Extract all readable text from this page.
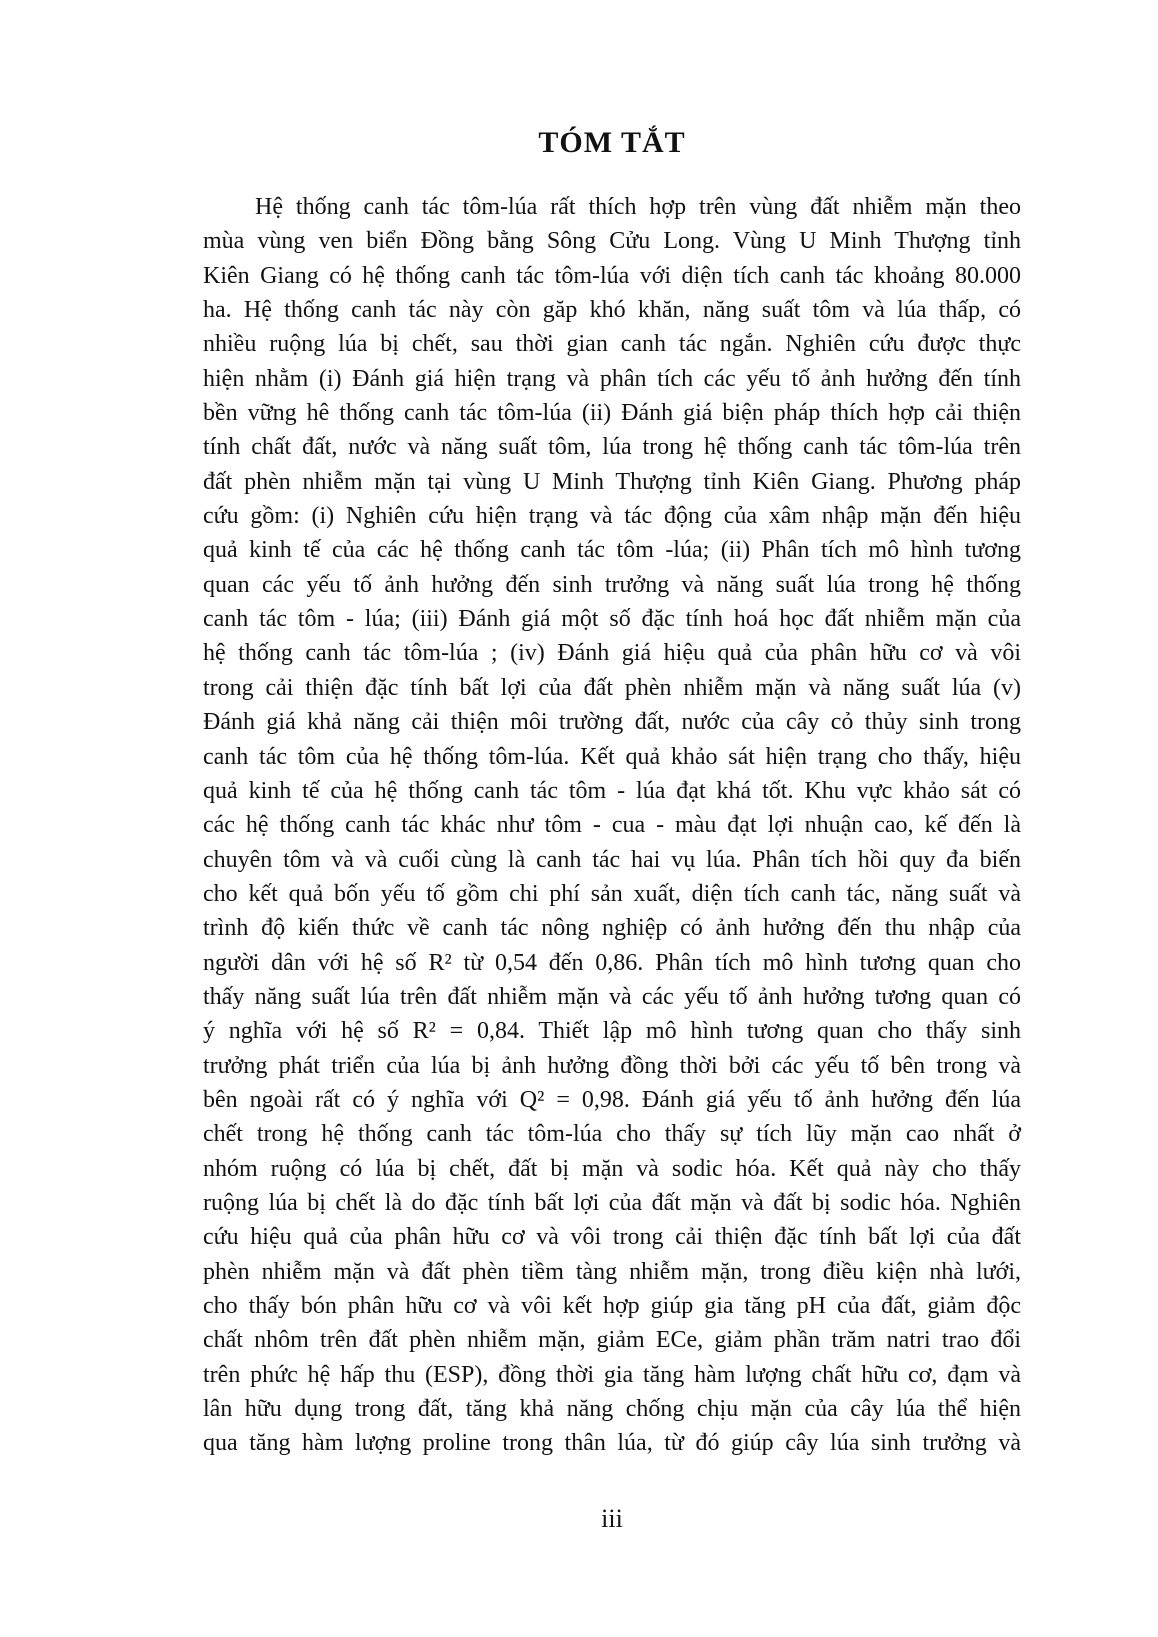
TÓM TẮT
Hệ thống canh tác tôm-lúa rất thích hợp trên vùng đất nhiễm mặn theo
mùa vùng ven biển Đồng bằng Sông Cửu Long. Vùng U Minh Thượng tỉnh
Kiên Giang có hệ thống canh tác tôm-lúa với diện tích canh tác khoảng 80.000
ha. Hệ thống canh tác này còn găp khó khăn, năng suất tôm và lúa thấp, có
nhiều ruộng lúa bị chết, sau thời gian canh tác ngắn. Nghiên cứu được thực
hiện nhằm (i) Đánh giá hiện trạng và phân tích các yếu tố ảnh hưởng đến tính
bền vững hê thống canh tác tôm-lúa (ii) Đánh giá biện pháp thích hợp cải thiện
tính chất đất, nước và năng suất tôm, lúa trong hệ thống canh tác tôm-lúa trên
đất phèn nhiễm mặn tại vùng U Minh Thượng tỉnh Kiên Giang. Phương pháp
cứu gồm: (i) Nghiên cứu hiện trạng và tác động của xâm nhập mặn đến hiệu
quả kinh tế của các hệ thống canh tác tôm -lúa; (ii) Phân tích mô hình tương
quan các yếu tố ảnh hưởng đến sinh trưởng và năng suất lúa trong hệ thống
canh tác tôm - lúa; (iii) Đánh giá một số đặc tính hoá học đất nhiễm mặn của
hệ thống canh tác tôm-lúa ; (iv) Đánh giá hiệu quả của phân hữu cơ và vôi
trong cải thiện đặc tính bất lợi của đất phèn nhiễm mặn và năng suất lúa (v)
Đánh giá khả năng cải thiện môi trường đất, nước của cây cỏ thủy sinh trong
canh tác tôm của hệ thống tôm-lúa. Kết quả khảo sát hiện trạng cho thấy, hiệu
quả kinh tế của hệ thống canh tác tôm - lúa đạt khá tốt. Khu vực khảo sát có
các hệ thống canh tác khác như tôm - cua - màu đạt lợi nhuận cao, kế đến là
chuyên tôm và và cuối cùng là canh tác hai vụ lúa. Phân tích hồi quy đa biến
cho kết quả bốn yếu tố gồm chi phí sản xuất, diện tích canh tác, năng suất và
trình độ kiến thức về canh tác nông nghiệp có ảnh hưởng đến thu nhập của
người dân với hệ số R² từ 0,54 đến 0,86. Phân tích mô hình tương quan cho
thấy năng suất lúa trên đất nhiễm mặn và các yếu tố ảnh hưởng tương quan có
ý nghĩa với hệ số R² = 0,84. Thiết lập mô hình tương quan cho thấy sinh
trưởng phát triển của lúa bị ảnh hưởng đồng thời bởi các yếu tố bên trong và
bên ngoài rất có ý nghĩa với Q² = 0,98. Đánh giá yếu tố ảnh hưởng đến lúa
chết trong hệ thống canh tác tôm-lúa cho thấy sự tích lũy mặn cao nhất ở
nhóm ruộng có lúa bị chết, đất bị mặn và sodic hóa. Kết quả này cho thấy
ruộng lúa bị chết là do đặc tính bất lợi của đất mặn và đất bị sodic hóa. Nghiên
cứu hiệu quả của phân hữu cơ và vôi trong cải thiện đặc tính bất lợi của đất
phèn nhiễm mặn và đất phèn tiềm tàng nhiễm mặn, trong điều kiện nhà lưới,
cho thấy bón phân hữu cơ và vôi kết hợp giúp gia tăng pH của đất, giảm độc
chất nhôm trên đất phèn nhiễm mặn, giảm ECe, giảm phần trăm natri trao đổi
trên phức hệ hấp thu (ESP), đồng thời gia tăng hàm lượng chất hữu cơ, đạm và
lân hữu dụng trong đất, tăng khả năng chống chịu mặn của cây lúa thể hiện
qua tăng hàm lượng proline trong thân lúa, từ đó giúp cây lúa sinh trưởng và
iii
